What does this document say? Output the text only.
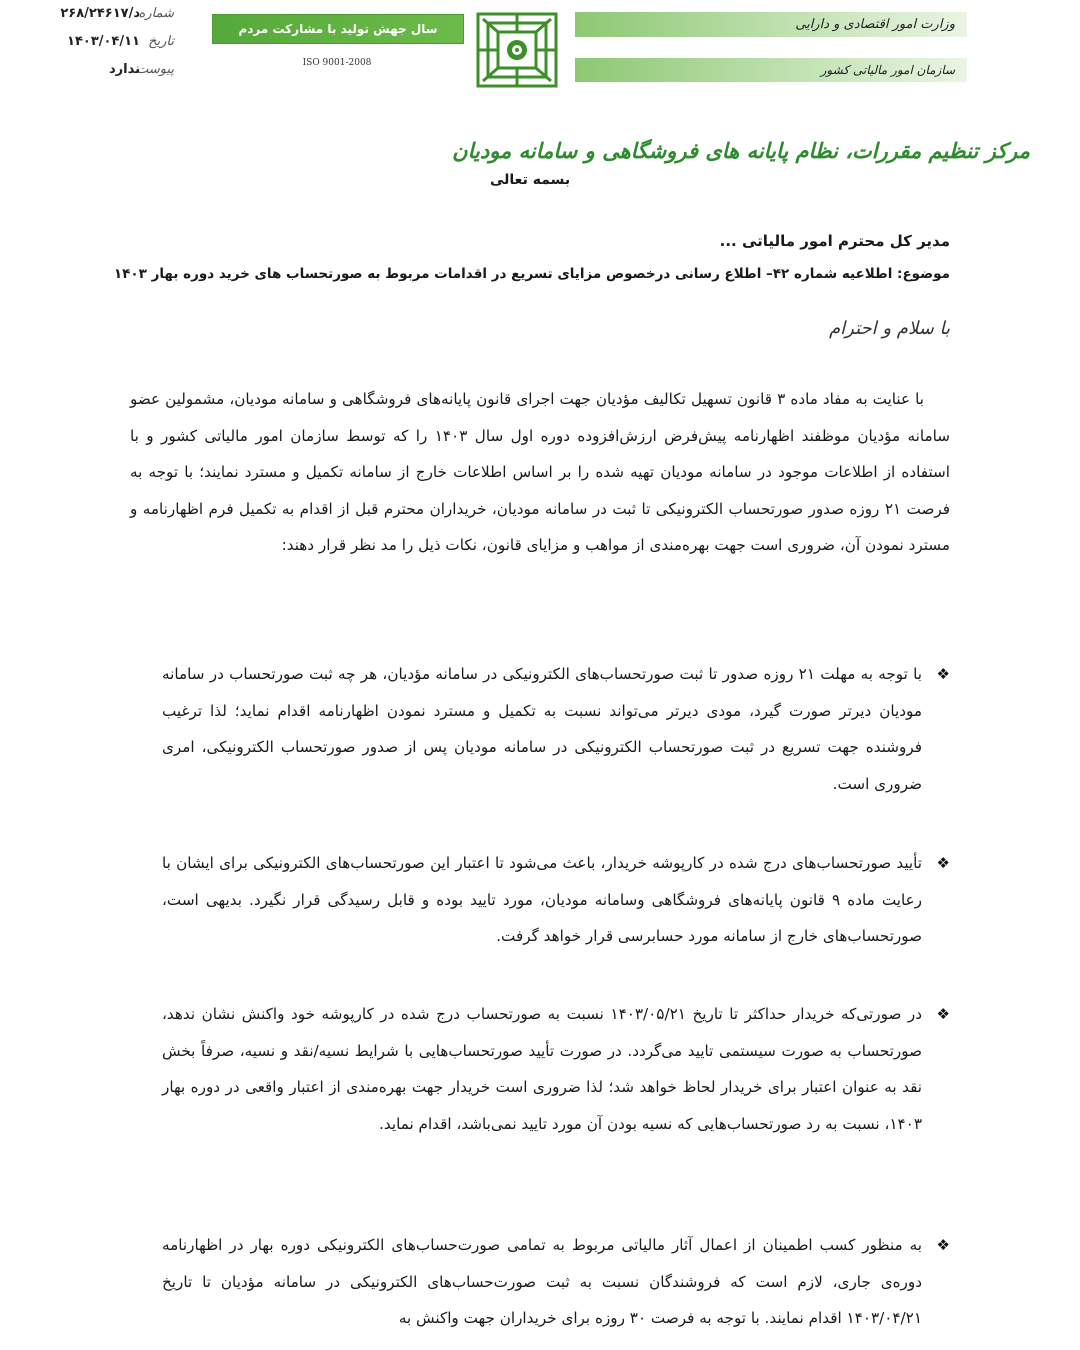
شماره
د/۲۶۸/۲۴۶۱۷
تاریخ
۱۴۰۳/۰۴/۱۱
پیوست
ندارد
سال جهش تولید با مشارکت مردم
ISO 9001-2008
وزارت امور اقتصادی و دارایی
سازمان امور مالیاتی کشور
مرکز تنظیم مقررات، نظام پایانه های فروشگاهی و سامانه مودیان
بسمه تعالی
مدیر کل محترم امور مالیاتی ...
موضوع: اطلاعیه شماره ۴۲– اطلاع رسانی درخصوص مزایای تسریع در اقدامات مربوط به صورتحساب های خرید دوره بهار ۱۴۰۳
با سلام و احترام

با عنایت به مفاد ماده ۳ قانون تسهیل تکالیف مؤدیان جهت اجرای قانون پایانه‌های فروشگاهی و سامانه مودیان، مشمولین عضو سامانه مؤدیان موظفند اظهارنامه پیش‌فرض ارزش‌افزوده دوره اول سال ۱۴۰۳ را که توسط سازمان امور مالیاتی کشور و با استفاده از اطلاعات موجود در سامانه مودیان تهیه شده را بر اساس اطلاعات خارج از سامانه تکمیل و مسترد نمایند؛ با توجه به فرصت ۲۱ روزه صدور صورتحساب الکترونیکی تا ثبت در سامانه مودیان، خریداران محترم قبل از اقدام به تکمیل فرم اظهارنامه و مسترد نمودن آن، ضروری است جهت بهره‌مندی از مواهب و مزایای قانون، نکات ذیل را مد نظر قرار دهند:

❖

با توجه به مهلت ۲۱ روزه صدور تا ثبت صورتحساب‌های الکترونیکی در سامانه مؤدیان، هر چه ثبت صورتحساب در سامانه مودیان دیرتر صورت گیرد، مودی دیرتر می‌تواند نسبت به تکمیل و مسترد نمودن اظهارنامه اقدام نماید؛ لذا ترغیب فروشنده جهت تسریع در ثبت صورتحساب الکترونیکی در سامانه مودیان پس از صدور صورتحساب الکترونیکی، امری ضروری است.

❖

تأیید صورتحساب‌های درج شده در کارپوشه خریدار، باعث می‌شود تا اعتبار این صورتحساب‌های الکترونیکی برای ایشان با رعایت ماده ۹ قانون پایانه‌های فروشگاهی وسامانه مودیان، مورد تایید بوده و قابل رسیدگی قرار نگیرد. بدیهی است، صورتحساب‌های خارج از سامانه مورد حسابرسی قرار خواهد گرفت.

❖

در صورتی‌که خریدار حداکثر تا تاریخ ۱۴۰۳/۰۵/۲۱ نسبت به صورتحساب درج شده در کارپوشه خود واکنش نشان ندهد، صورتحساب به صورت سیستمی تایید می‌گردد. در صورت تأیید صورتحساب‌هایی با شرایط نسیه/نقد و نسیه، صرفاً بخش نقد به عنوان اعتبار برای خریدار لحاظ خواهد شد؛ لذا ضروری است خریدار جهت بهره‌مندی از اعتبار واقعی در دوره بهار ۱۴۰۳، نسبت به رد صورتحساب‌هایی که نسیه بودن آن مورد تایید نمی‌باشد، اقدام نماید.

❖

به منظور کسب اطمینان از اعمال آثار مالیاتی مربوط به تمامی صورت‌حساب‌های الکترونیکی دوره بهار در اظهارنامه دوره‌ی جاری، لازم است که فروشندگان نسبت به ثبت صورت‌حساب‌های الکترونیکی در سامانه مؤدیان تا تاریخ ۱۴۰۳/۰۴/۲۱ اقدام نمایند. با توجه به فرصت ۳۰ روزه برای خریداران جهت واکنش به
